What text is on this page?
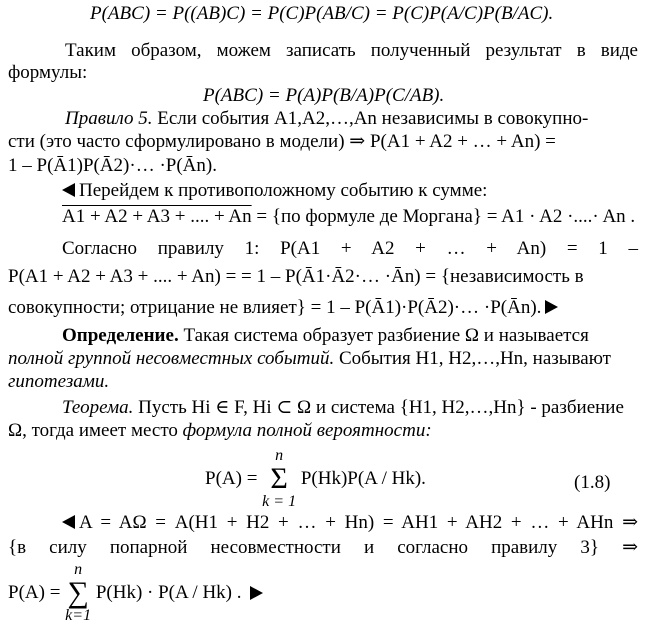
P(ABC) = P((AB)C) = P(C)P(AB/C) = P(C)P(A/C)P(B/AC).
Таким образом, можем записать полученный результат в виде
формулы:
P(ABC) = P(A)P(B/A)P(C/AB).
Правило 5. Если события A1,A2,…,An независимы в совокупно-
сти (это часто сформулировано в модели) ⇒ P(A1 + A2 + … + An) =
1 – P(Ā1)P(Ā2)·… ·P(Ān).
Перейдем к противоположному событию к сумме:
A1 + A2 + A3 + .... + An = {по формуле де Моргана} = A1 · A2 ·....· An .
Согласно правилу 1: P(A1 + A2 + … + An) = 1 –
P(A1 + A2 + A3 + .... + An) = = 1 – P(Ā1·Ā2·… ·Ān) = {независимость в
совокупности; отрицание не влияет} = 1 – P(Ā1)·P(Ā2)·… ·P(Ān).
Определение. Такая система образует разбиение Ω и называется
полной группой несовместных событий. События H1, H2,…,Hn, называют
гипотезами.
Теорема. Пусть Hi ∈ F, Hi ⊂ Ω и система {H1, H2,…,Hn} - разбиение
Ω, тогда имеет место формула полной вероятности:
P(A) =
n
Σ
k = 1
P(Hk)P(A / Hk).	(1.8)
A = AΩ = A(H1 + H2 + … + Hn) = AH1 + AH2 + … + AHn ⇒
{в силу попарной несовместности и согласно правилу 3} ⇒
P(A) =
n
∑
k=1
P(Hk) · P(A / Hk) .
